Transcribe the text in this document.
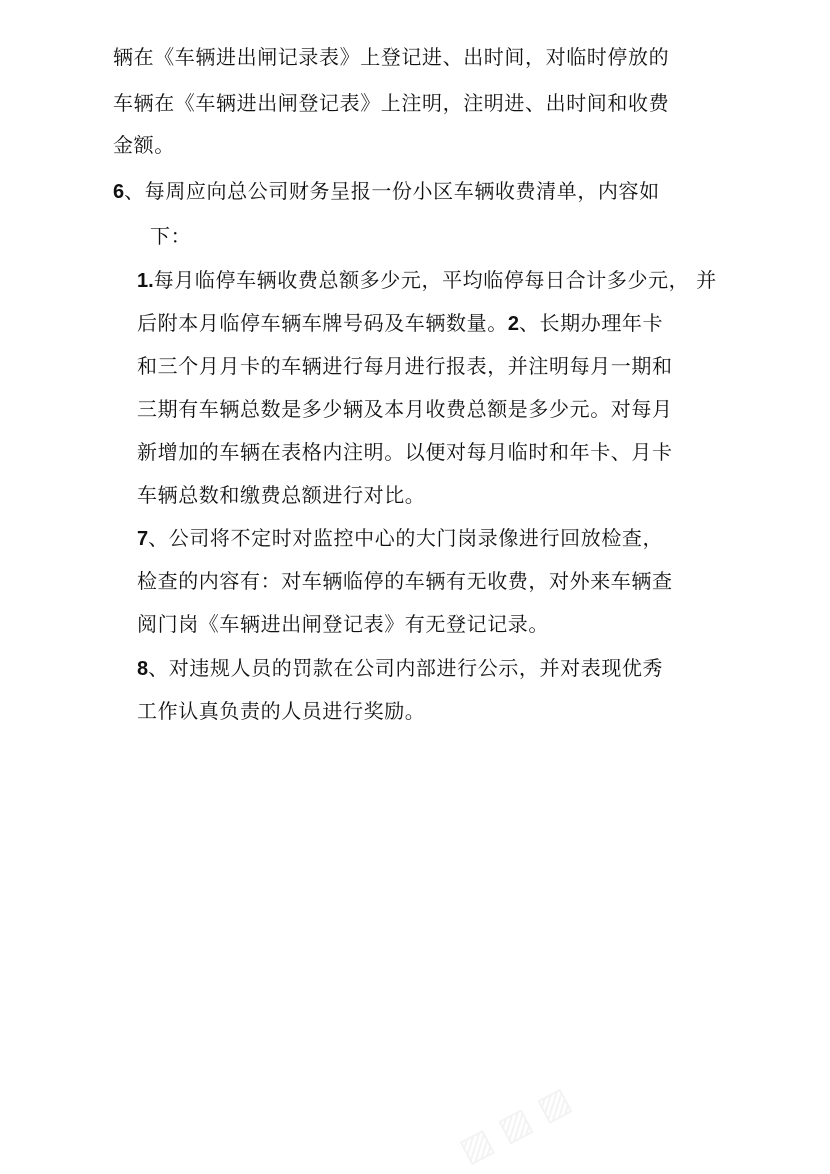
辆在《车辆进出闸记录表》上登记进、出时间，对临时停放的
车辆在《车辆进出闸登记表》上注明，注明进、出时间和收费
金额。
6、每周应向总公司财务呈报一份小区车辆收费清单，内容如
下：
1.每月临停车辆收费总额多少元，平均临停每日合计多少元， 并
后附本月临停车辆车牌号码及车辆数量。2、长期办理年卡
和三个月月卡的车辆进行每月进行报表，并注明每月一期和
三期有车辆总数是多少辆及本月收费总额是多少元。对每月
新增加的车辆在表格内注明。以便对每月临时和年卡、月卡
车辆总数和缴费总额进行对比。
7、公司将不定时对监控中心的大门岗录像进行回放检查，
检查的内容有：对车辆临停的车辆有无收费，对外来车辆查
阅门岗《车辆进出闸登记表》有无登记记录。
8、对违规人员的罚款在公司内部进行公示，并对表现优秀
工作认真负责的人员进行奖励。
▨ ▨ ▨
